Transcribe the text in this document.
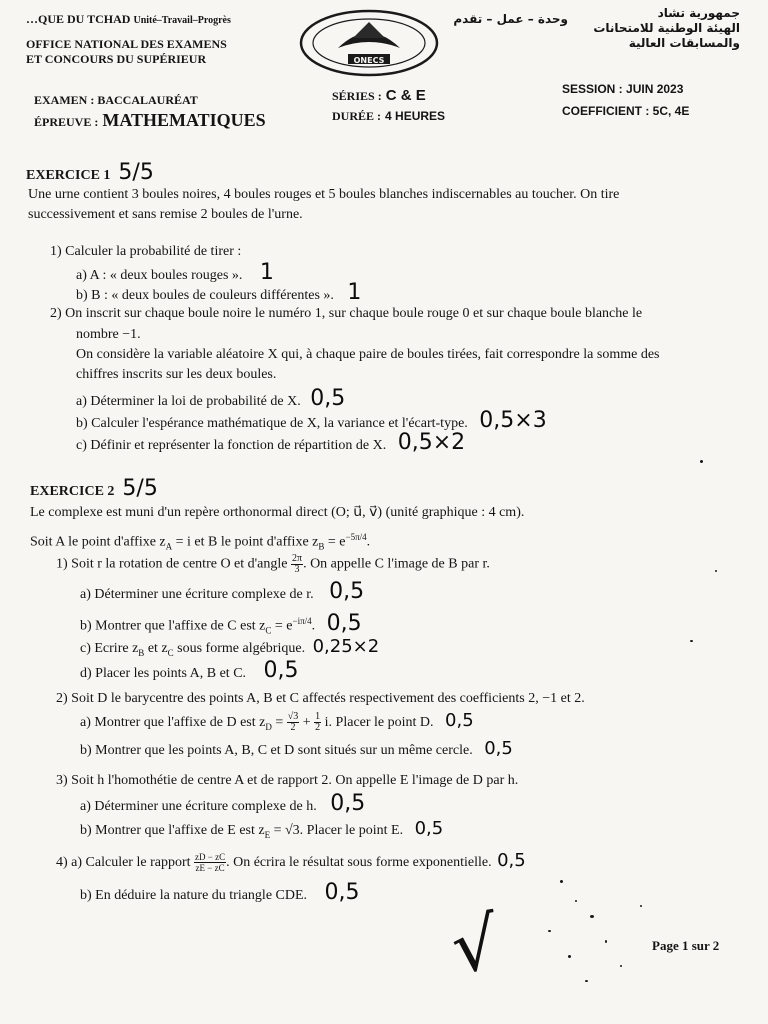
…QUE DU TCHAD Unité–Travail–Progrès
OFFICE NATIONAL DES EXAMENS
ET CONCOURS DU SUPÉRIEUR	ONECS
وحدة – عمل – تقدم	جمهورية تشاد
الهيئة الوطنية للامتحانات
والمسابقات العالية
EXAMEN : BACCALAURÉAT
ÉPREUVE : MATHEMATIQUES
SÉRIES : C & E
DURÉE : 4 HEURES
SESSION : JUIN 2023
COEFFICIENT : 5C, 4E
EXERCICE 1 5/5
Une urne contient 3 boules noires, 4 boules rouges et 5 boules blanches indiscernables au toucher. On tire
successivement et sans remise 2 boules de l'urne.
1) Calculer la probabilité de tirer :
a) A : « deux boules rouges ». 1
b) B : « deux boules de couleurs différentes ». 1
2) On inscrit sur chaque boule noire le numéro 1, sur chaque boule rouge 0 et sur chaque boule blanche le
nombre −1.
On considère la variable aléatoire X qui, à chaque paire de boules tirées, fait correspondre la somme des
chiffres inscrits sur les deux boules.
a) Déterminer la loi de probabilité de X. 0,5
b) Calculer l'espérance mathématique de X, la variance et l'écart-type. 0,5×3
c) Définir et représenter la fonction de répartition de X. 0,5×2
EXERCICE 2 5/5
Le complexe est muni d'un repère orthonormal direct (O; u⃗, v⃗) (unité graphique : 4 cm).
Soit A le point d'affixe $z_A = i$ et B le point d'affixe $z_B = e^{-5\pi/4}$.
1) Soit r la rotation de centre O et d'angle $\frac{2\pi}{3}$ . On appelle C l'image de B par r.
a) Déterminer une écriture complexe de r. 0,5
b) Montrer que l'affixe de C est $z_C = e^{-i\pi/4}$. 0,5
c) Ecrire $z_B$ et $z_C$ sous forme algébrique. 0,25×2
d) Placer les points A, B et C. 0,5
2) Soit D le barycentre des points A, B et C affectés respectivement des coefficients 2, −1 et 2.
a) Montrer que l'affixe de D est $z_D = \frac{√3}{2} + \frac{1}{2} i$. Placer le point D. 0,5
b) Montrer que les points A, B, C et D sont situés sur un même cercle. 0,5
3) Soit h l'homothétie de centre A et de rapport 2. On appelle E l'image de D par h.
a) Déterminer une écriture complexe de h. 0,5
b) Montrer que l'affixe de E est $z_E = √3$. Placer le point E. 0,5
4) a) Calculer le rapport $\frac{zD - zC}{zE - zC}$ . On écrira le résultat sous forme exponentielle. 0,5
b) En déduire la nature du triangle CDE. 0,5
√	Page 1 sur 2
